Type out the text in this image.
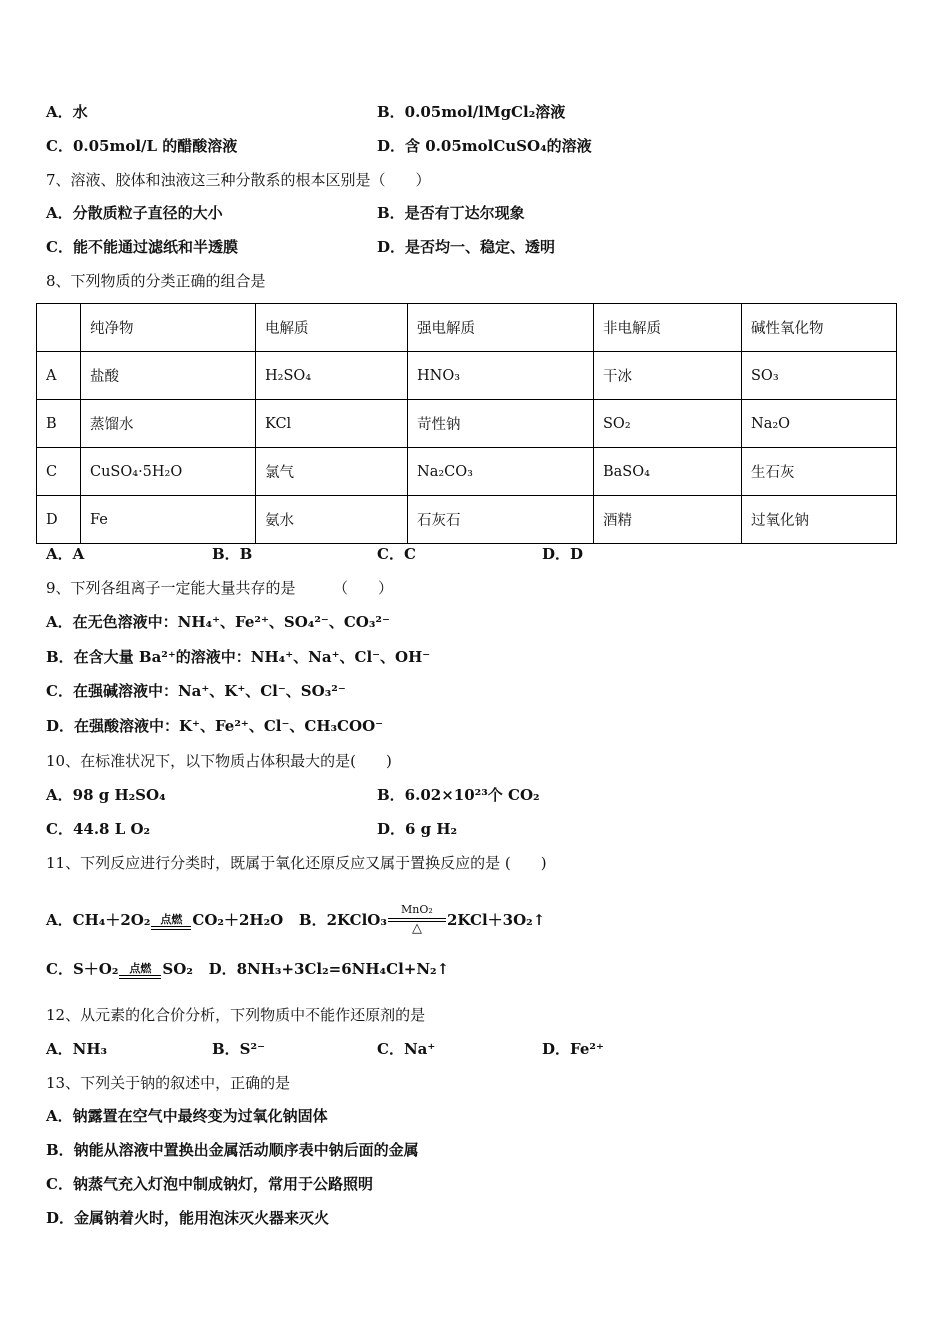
A．水	B．0.05mol/lMgCl₂溶液
C．0.05mol/L 的醋酸溶液	D．含 0.05molCuSO₄的溶液
7、溶液、胶体和浊液这三种分散系的根本区别是（　　）
A．分散质粒子直径的大小	B．是否有丁达尔现象
C．能不能通过滤纸和半透膜	D．是否均一、稳定、透明
8、下列物质的分类正确的组合是
	纯净物	电解质	强电解质	非电解质	碱性氧化物
A	盐酸	H₂SO₄	HNO₃	干冰	SO₃
B	蒸馏水	KCl	苛性钠	SO₂	Na₂O
C	CuSO₄·5H₂O	氯气	Na₂CO₃	BaSO₄	生石灰
D	Fe	氨水	石灰石	酒精	过氧化钠
A．A	B．B	C．C	D．D
9、下列各组离子一定能大量共存的是　　　（　　）
A．在无色溶液中：NH₄⁺、Fe²⁺、SO₄²⁻、CO₃²⁻
B．在含大量 Ba²⁺的溶液中：NH₄⁺、Na⁺、Cl⁻、OH⁻
C．在强碱溶液中：Na⁺、K⁺、Cl⁻、SO₃²⁻
D．在强酸溶液中：K⁺、Fe²⁺、Cl⁻、CH₃COO⁻
10、在标准状况下，以下物质占体积最大的是(　　)
A．98 g H₂SO₄	B．6.02×10²³个 CO₂
C．44.8 L O₂	D．6 g H₂
11、下列反应进行分类时，既属于氧化还原反应又属于置换反应的是 (　　)
A．CH₄＋2O₂ 点燃 CO₂＋2H₂O B．2KClO₃
MnO₂
△	2KCl＋3O₂↑
C．S＋O₂	点燃 SO₂ D．8NH₃+3Cl₂=6NH₄Cl+N₂↑
12、从元素的化合价分析，下列物质中不能作还原剂的是
A．NH₃	B．S²⁻	C．Na⁺	D．Fe²⁺
13、下列关于钠的叙述中，正确的是
A．钠露置在空气中最终变为过氧化钠固体
B．钠能从溶液中置换出金属活动顺序表中钠后面的金属
C．钠蒸气充入灯泡中制成钠灯，常用于公路照明
D．金属钠着火时，能用泡沫灭火器来灭火
